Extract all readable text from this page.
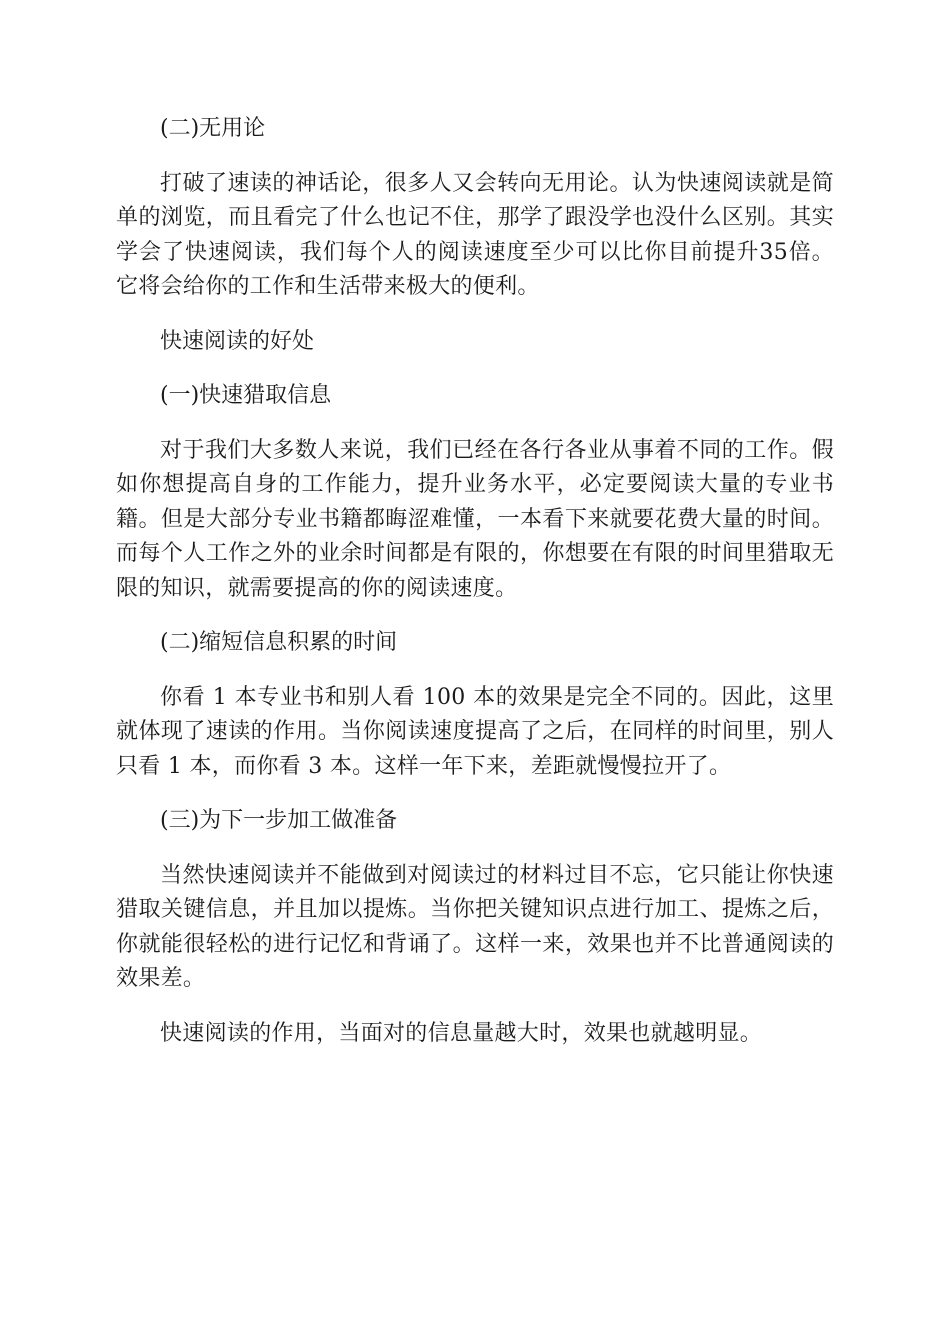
(二)无用论

打破了速读的神话论，很多人又会转向无用论。认为快速阅读就是简单的浏览，而且看完了什么也记不住，那学了跟没学也没什么区别。其实学会了快速阅读，我们每个人的阅读速度至少可以比你目前提升35倍。它将会给你的工作和生活带来极大的便利。

快速阅读的好处

(一)快速猎取信息

对于我们大多数人来说，我们已经在各行各业从事着不同的工作。假如你想提高自身的工作能力，提升业务水平，必定要阅读大量的专业书籍。但是大部分专业书籍都晦涩难懂，一本看下来就要花费大量的时间。而每个人工作之外的业余时间都是有限的，你想要在有限的时间里猎取无限的知识，就需要提高的你的阅读速度。

(二)缩短信息积累的时间

你看 1 本专业书和别人看 100 本的效果是完全不同的。因此，这里就体现了速读的作用。当你阅读速度提高了之后，在同样的时间里，别人只看 1 本，而你看 3 本。这样一年下来，差距就慢慢拉开了。

(三)为下一步加工做准备

当然快速阅读并不能做到对阅读过的材料过目不忘，它只能让你快速猎取关键信息，并且加以提炼。当你把关键知识点进行加工、提炼之后，你就能很轻松的进行记忆和背诵了。这样一来，效果也并不比普通阅读的效果差。

快速阅读的作用，当面对的信息量越大时，效果也就越明显。
